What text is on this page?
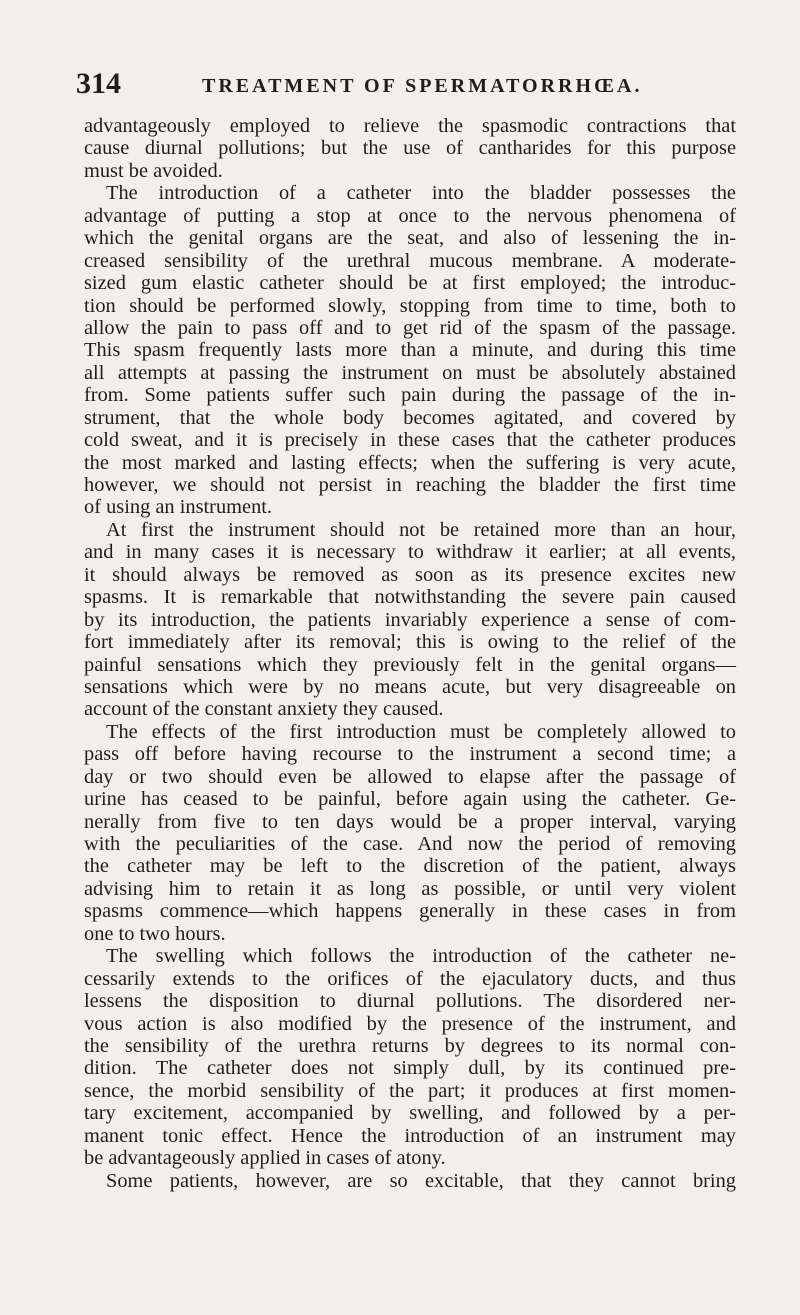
314	TREATMENT OF SPERMATORRHŒA.
advantageously employed to relieve the spasmodic contractions that
cause diurnal pollutions; but the use of cantharides for this purpose
must be avoided.
The introduction of a catheter into the bladder possesses the
advantage of putting a stop at once to the nervous phenomena of
which the genital organs are the seat, and also of lessening the in-
creased sensibility of the urethral mucous membrane. A moderate-
sized gum elastic catheter should be at first employed; the introduc-
tion should be performed slowly, stopping from time to time, both to
allow the pain to pass off and to get rid of the spasm of the passage.
This spasm frequently lasts more than a minute, and during this time
all attempts at passing the instrument on must be absolutely abstained
from. Some patients suffer such pain during the passage of the in-
strument, that the whole body becomes agitated, and covered by
cold sweat, and it is precisely in these cases that the catheter produces
the most marked and lasting effects; when the suffering is very acute,
however, we should not persist in reaching the bladder the first time
of using an instrument.
At first the instrument should not be retained more than an hour,
and in many cases it is necessary to withdraw it earlier; at all events,
it should always be removed as soon as its presence excites new
spasms. It is remarkable that notwithstanding the severe pain caused
by its introduction, the patients invariably experience a sense of com-
fort immediately after its removal; this is owing to the relief of the
painful sensations which they previously felt in the genital organs—
sensations which were by no means acute, but very disagreeable on
account of the constant anxiety they caused.
The effects of the first introduction must be completely allowed to
pass off before having recourse to the instrument a second time; a
day or two should even be allowed to elapse after the passage of
urine has ceased to be painful, before again using the catheter. Ge-
nerally from five to ten days would be a proper interval, varying
with the peculiarities of the case. And now the period of removing
the catheter may be left to the discretion of the patient, always
advising him to retain it as long as possible, or until very violent
spasms commence—which happens generally in these cases in from
one to two hours.
The swelling which follows the introduction of the catheter ne-
cessarily extends to the orifices of the ejaculatory ducts, and thus
lessens the disposition to diurnal pollutions. The disordered ner-
vous action is also modified by the presence of the instrument, and
the sensibility of the urethra returns by degrees to its normal con-
dition. The catheter does not simply dull, by its continued pre-
sence, the morbid sensibility of the part; it produces at first momen-
tary excitement, accompanied by swelling, and followed by a per-
manent tonic effect. Hence the introduction of an instrument may
be advantageously applied in cases of atony.
Some patients, however, are so excitable, that they cannot bring
